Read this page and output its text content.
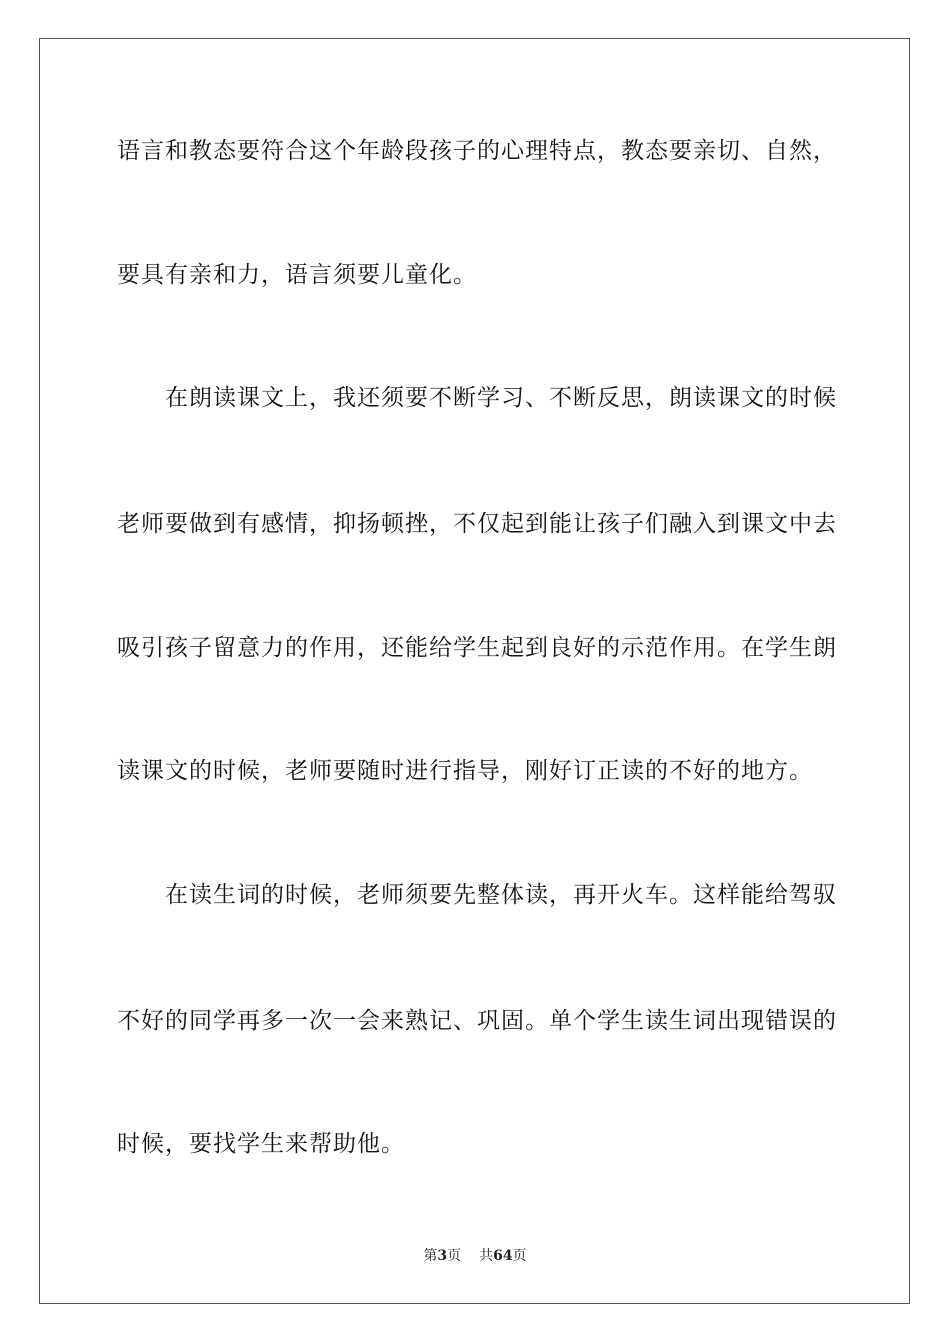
语言和教态要符合这个年龄段孩子的心理特点，教态要亲切、自然，
要具有亲和力，语言须要儿童化。
　　在朗读课文上，我还须要不断学习、不断反思，朗读课文的时候
老师要做到有感情，抑扬顿挫，不仅起到能让孩子们融入到课文中去
吸引孩子留意力的作用，还能给学生起到良好的示范作用。在学生朗
读课文的时候，老师要随时进行指导，刚好订正读的不好的地方。
　　在读生词的时候，老师须要先整体读，再开火车。这样能给驾驭
不好的同学再多一次一会来熟记、巩固。单个学生读生词出现错误的
时候，要找学生来帮助他。
第3页 共64页
